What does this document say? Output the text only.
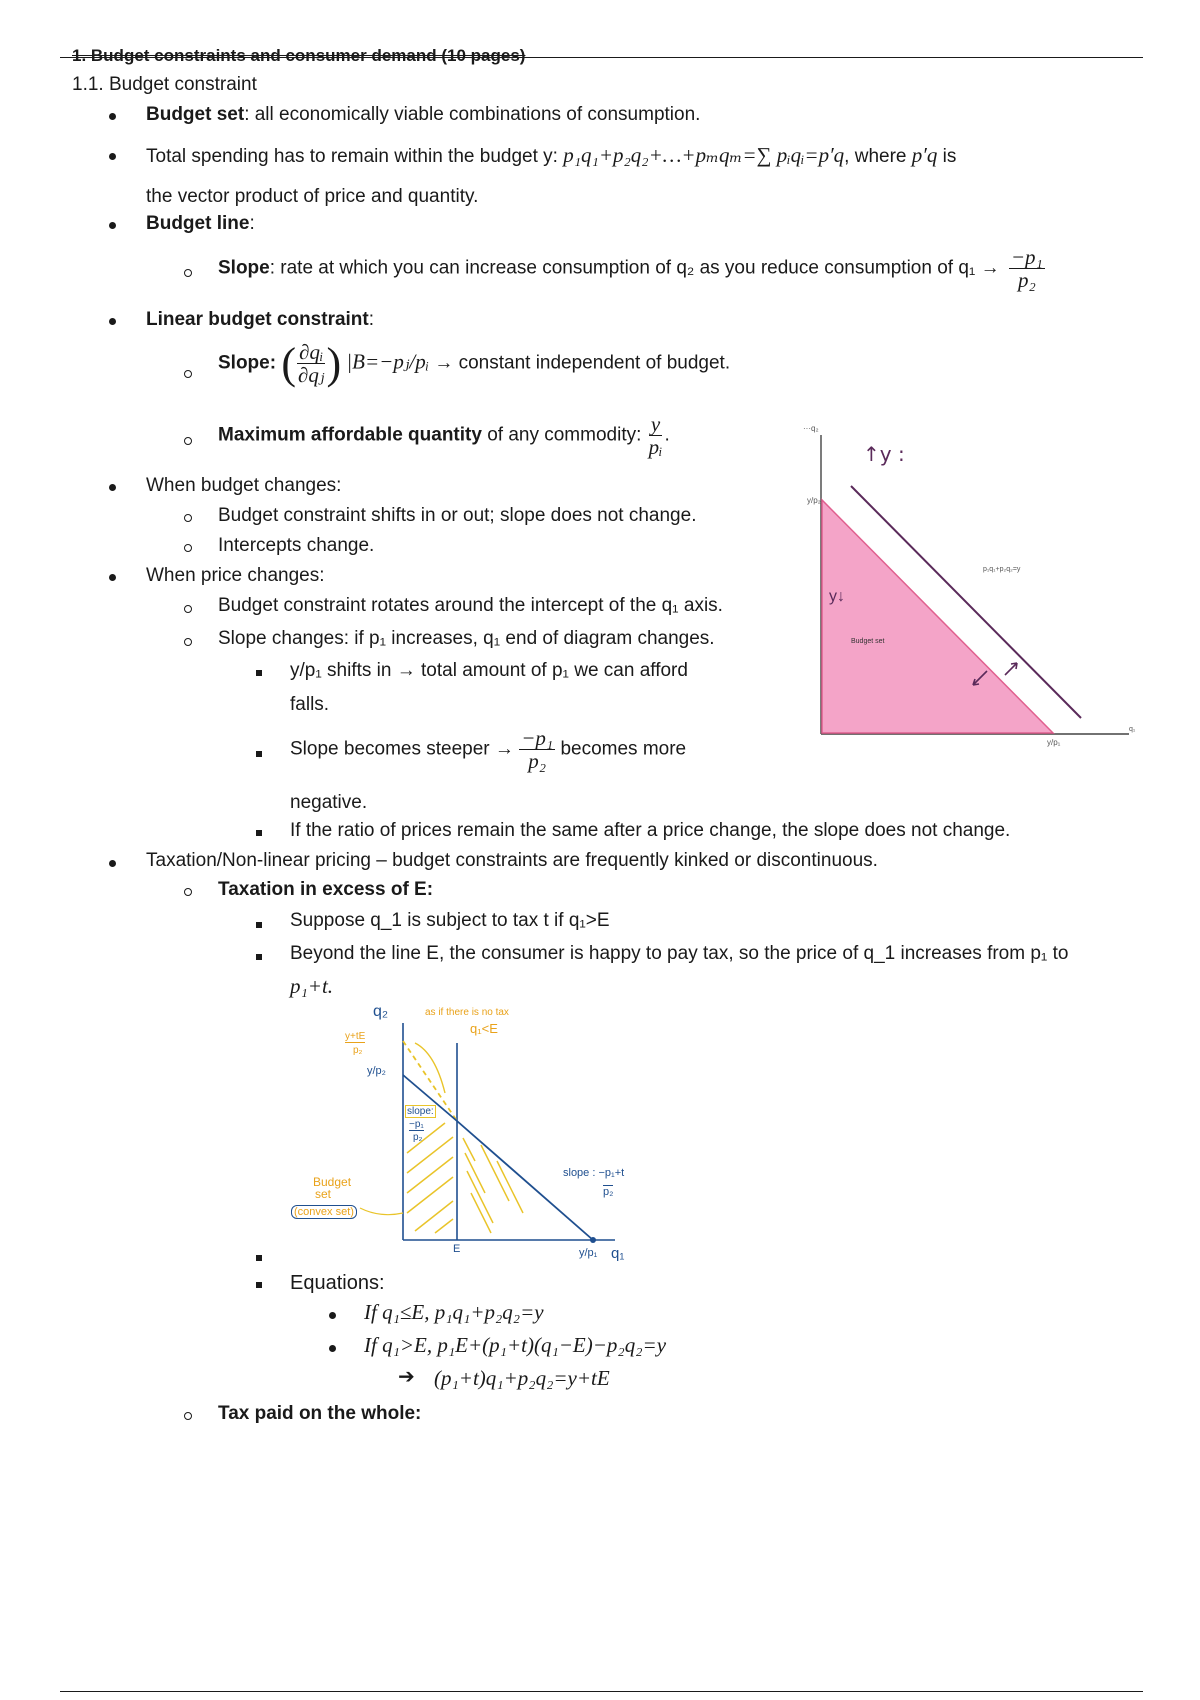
1. Budget constraints and consumer demand (10 pages)
1.1. Budget constraint
Budget set: all economically viable combinations of consumption.
Total spending has to remain within the budget y: p₁q₁+p₂q₂+…+pₘqₘ=∑ pᵢqᵢ=p′q, where p′q is
the vector product of price and quantity.
Budget line:
Slope: rate at which you can increase consumption of q₂ as you reduce consumption of $q_1 \to \frac{\text{−p₁}}{\text{p₂}}$
Linear budget constraint:
Slope: ( $\frac{\text{∂qᵢ}}{\text{∂qⱼ}}$ ) |B=−pⱼ/pᵢ → constant independent of budget.
Maximum affordable quantity of any commodity: $\frac{y}{\text{pᵢ}}$ .
When budget changes:
Budget constraint shifts in or out; slope does not change.
Intercepts change.
When price changes:
Budget constraint rotates around the intercept of the q₁ axis.
Slope changes: if p₁ increases, q₁ end of diagram changes.
y/p₁ shifts in → total amount of p₁ we can afford
falls.
Slope becomes steeper → $\frac{\text{−p₁}}{\text{p₂}}$ becomes more
negative.
If the ratio of prices remain the same after a price change, the slope does not change.
Taxation/Non-linear pricing – budget constraints are frequently kinked or discontinuous.
Taxation in excess of E:
Suppose q_1 is subject to tax t if q₁>E
Beyond the line E, the consumer is happy to pay tax, so the price of q_1 increases from p₁ to
p₁+t.
Equations:
If q₁≤E, p₁q₁+p₂q₂=y
If q₁>E, p₁E+(p₁+t)(q₁−E)−p₂q₂=y
➔ (p₁+t)q₁+p₂q₂=y+tE
Tax paid on the whole:
···q₂
↑y :
y/p₂
y↓
Budget set
p₁q₁+p₂q₂=y
y/p₁
q₁
q₂	as if there is no tax
q₁<E
y+tE
p₂
y/p₂
slope:
−p₁
p₂
slope : −p₁+t
p₂
Budget
set
(convex set)
E	y/p₁ q₁
